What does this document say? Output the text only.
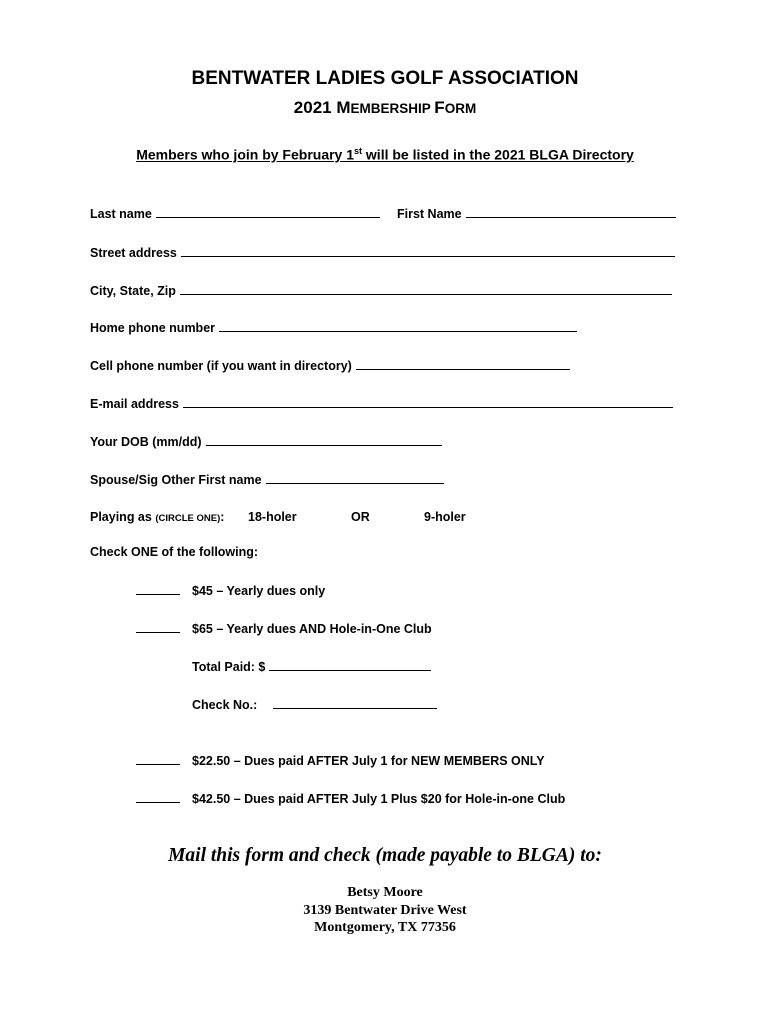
BENTWATER LADIES GOLF ASSOCIATION
2021 MEMBERSHIP FORM
Members who join by February 1st will be listed in the 2021 BLGA Directory
Last name	First Name
Street address
City, State, Zip
Home phone number
Cell phone number (if you want in directory)
E-mail address
Your DOB (mm/dd)
Spouse/Sig Other First name
Playing as (CIRCLE ONE): 18-holer	OR	9-holer
Check ONE of the following:
$45 – Yearly dues only
$65 – Yearly dues AND Hole-in-One Club
Total Paid: $
Check No.:
$22.50 – Dues paid AFTER July 1 for NEW MEMBERS ONLY
$42.50 – Dues paid AFTER July 1 Plus $20 for Hole-in-one Club
Mail this form and check (made payable to BLGA) to:
Betsy Moore
3139 Bentwater Drive West
Montgomery, TX 77356
